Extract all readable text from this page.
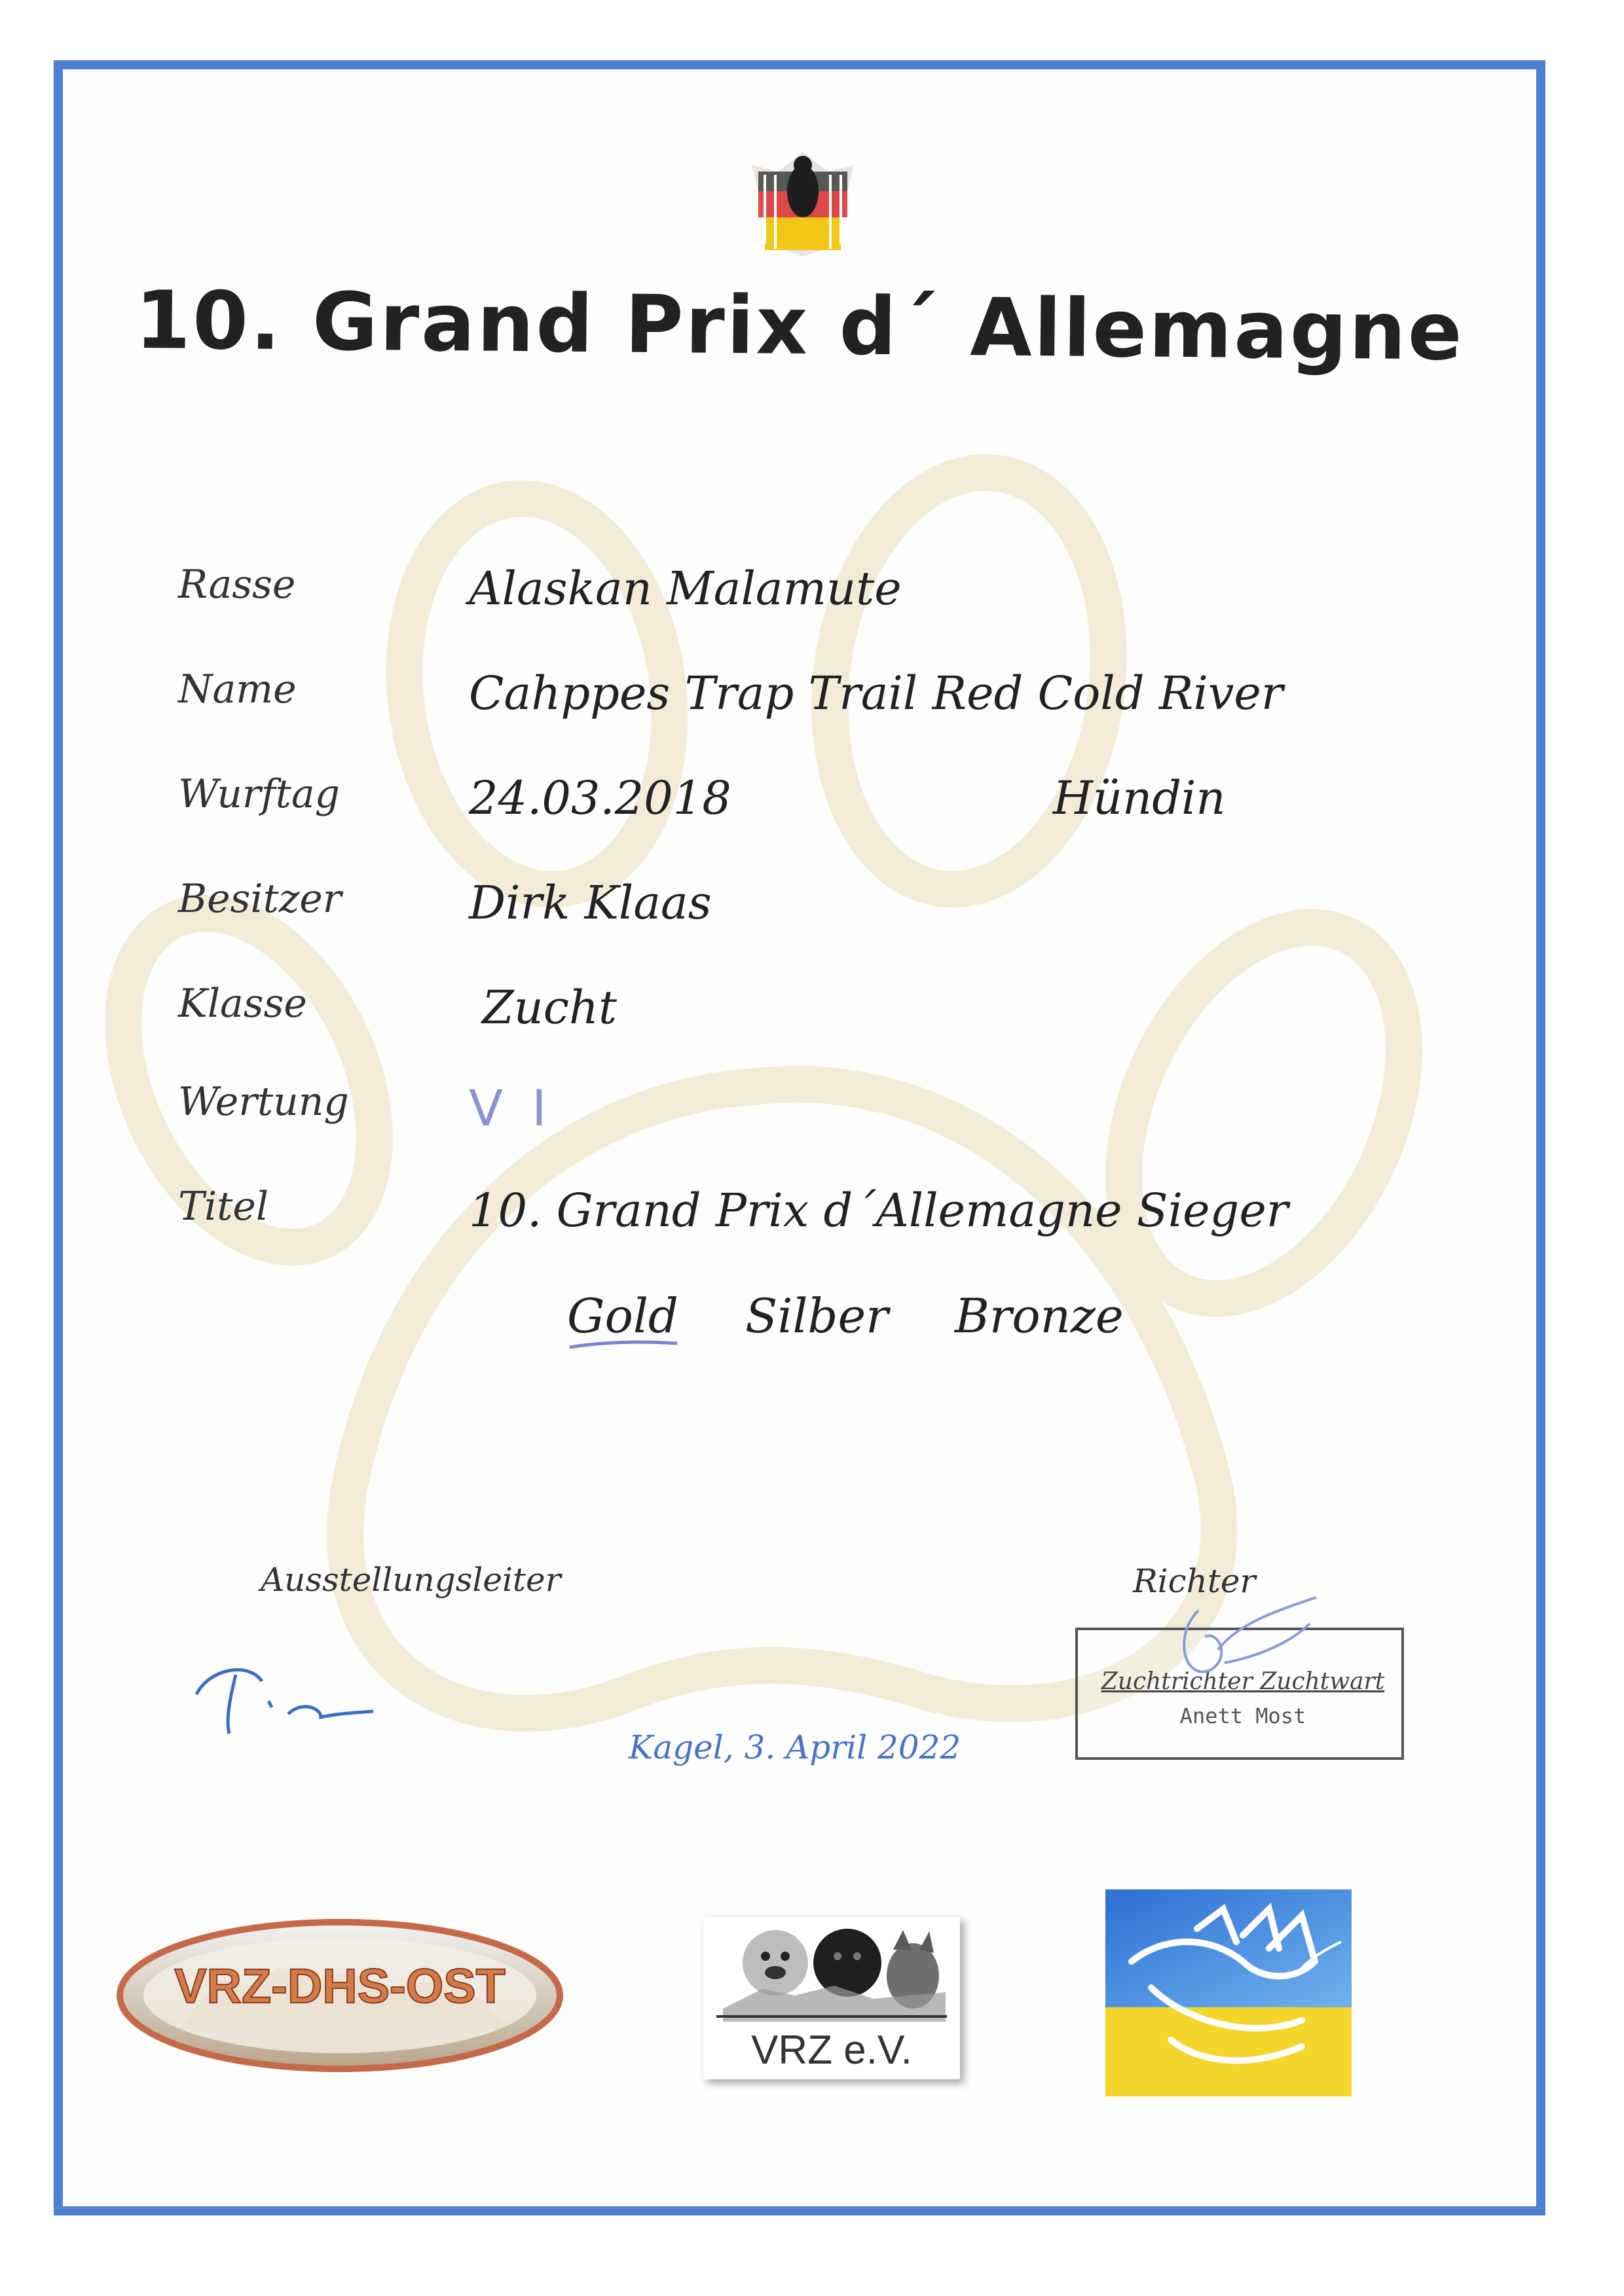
10. Grand Prix d´ Allemagne
Rasse	Alaskan Malamute
Name	Cahppes Trap Trail Red Cold River
Wurftag	24.03.2018	Hündin
Besitzer	Dirk Klaas
Klasse	Zucht
Wertung V I
Titel	10. Grand Prix d´Allemagne Sieger
Gold Silber Bronze
Ausstellungsleiter	Richter
Kagel, 3. April 2022
Zuchtrichter Zuchtwart
Anett Most
VRZ-DHS-OST
VRZ e.V.
